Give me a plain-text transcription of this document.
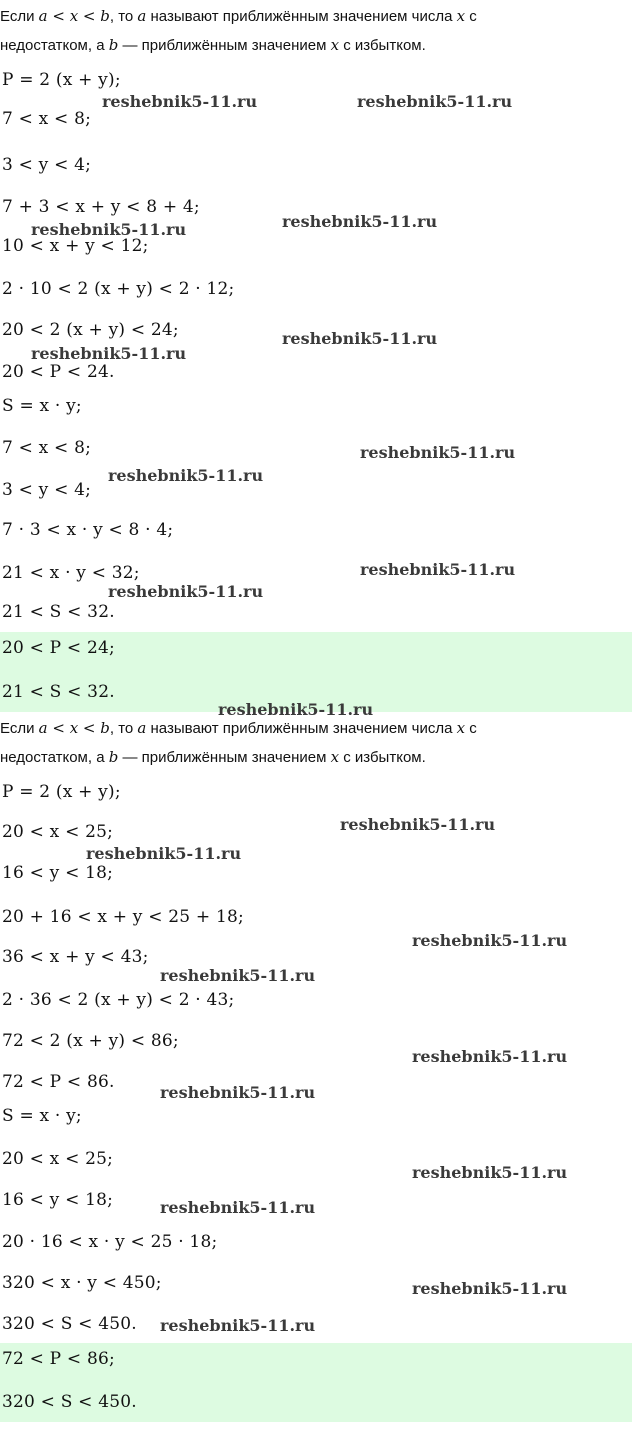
Если a < x < b, то a называют приближённым значением числа x с
недостатком, а b — приближённым значением x с избытком.

P = 2 (x + y);
7 < x < 8;
3 < y < 4;
7 + 3 < x + y < 8 + 4;
10 < x + y < 12;
2 · 10 < 2 (x + y) < 2 · 12;
20 < 2 (x + y) < 24;
20 < P < 24.
S = x · y;
7 < x < 8;
3 < y < 4;
7 · 3 < x · y < 8 · 4;
21 < x · y < 32;
21 < S < 32.
20 < P < 24;
21 < S < 32.

Если a < x < b, то a называют приближённым значением числа x с
недостатком, а b — приближённым значением x с избытком.

P = 2 (x + y);
20 < x < 25;
16 < y < 18;
20 + 16 < x + y < 25 + 18;
36 < x + y < 43;
2 · 36 < 2 (x + y) < 2 · 43;
72 < 2 (x + y) < 86;
72 < P < 86.
S = x · y;
20 < x < 25;
16 < y < 18;
20 · 16 < x · y < 25 · 18;
320 < x · y < 450;
320 < S < 450.
72 < P < 86;
320 < S < 450.
reshebnik5-11.ru	reshebnik5-11.ru
reshebnik5-11.ru
reshebnik5-11.ru
reshebnik5-11.ru
reshebnik5-11.ru
reshebnik5-11.ru
reshebnik5-11.ru
reshebnik5-11.ru
reshebnik5-11.ru
reshebnik5-11.ru
reshebnik5-11.ru
reshebnik5-11.ru
reshebnik5-11.ru
reshebnik5-11.ru
reshebnik5-11.ru
reshebnik5-11.ru
reshebnik5-11.ru
reshebnik5-11.ru
reshebnik5-11.ru
reshebnik5-11.ru
